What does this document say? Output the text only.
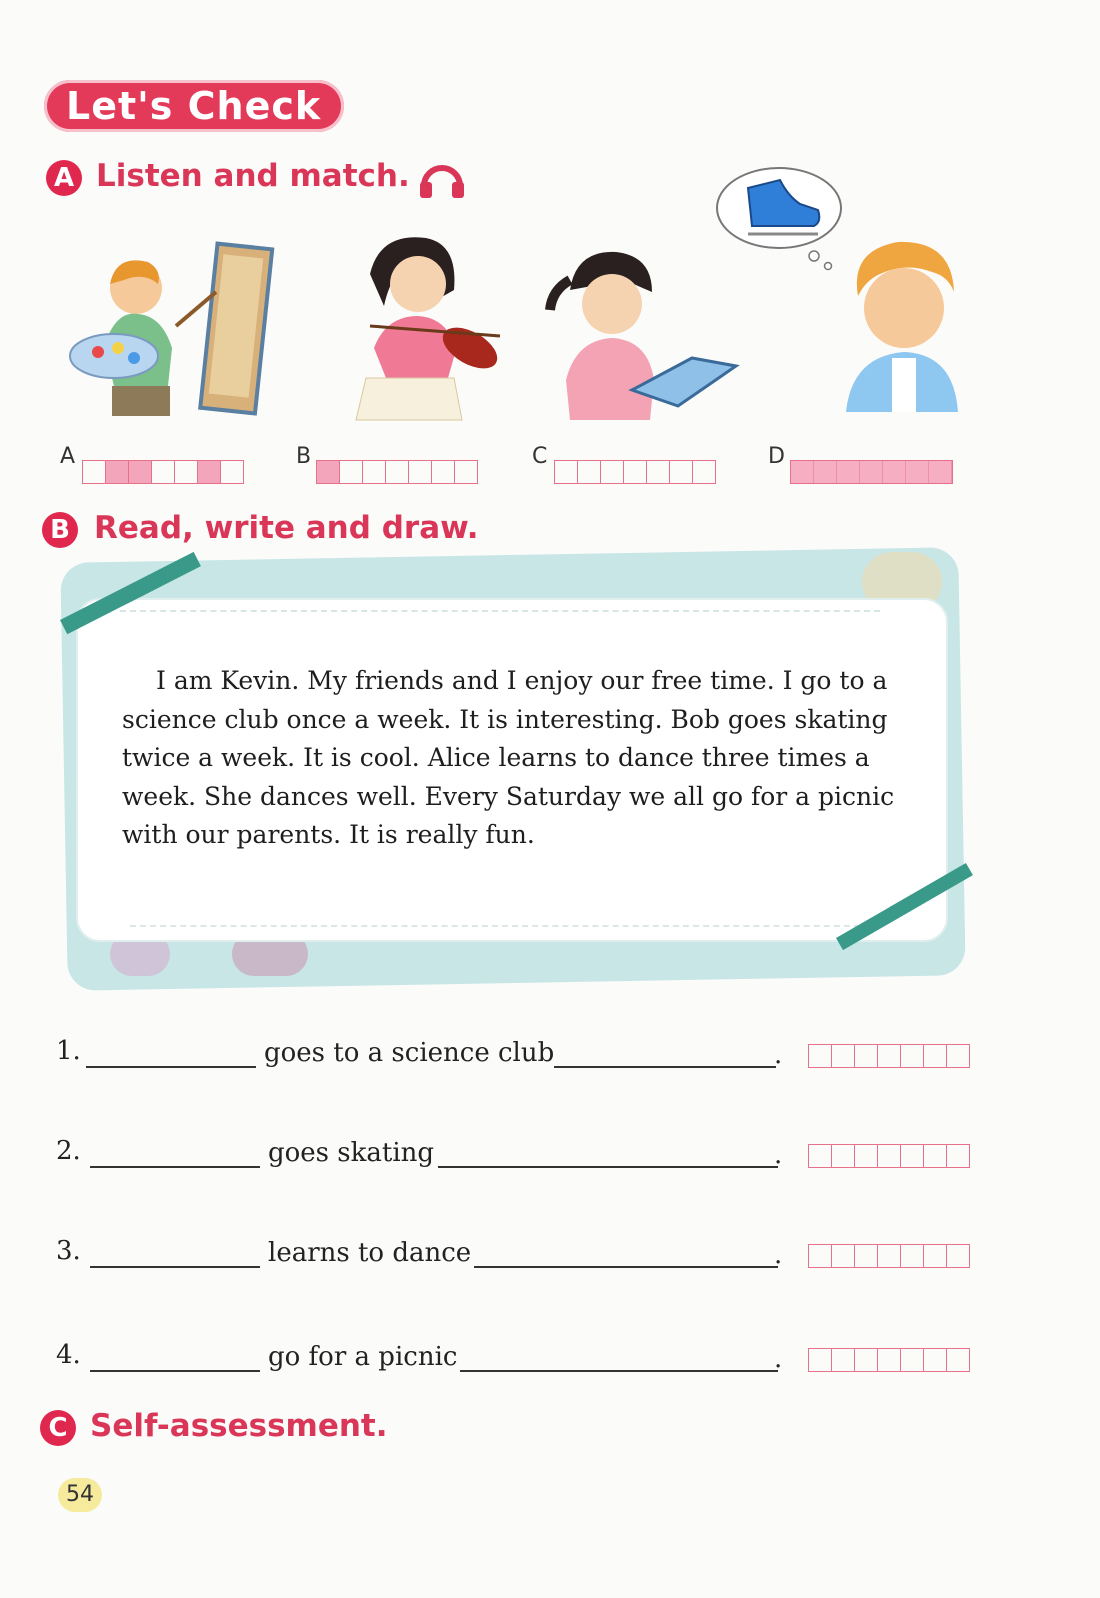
Let's Check
A Listen and match.
A	B	C	D
B Read, write and draw.

I am Kevin. My friends and I enjoy our free time. I go to a science club once a week. It is interesting. Bob goes skating twice a week. It is cool. Alice learns to dance three times a week. She dances well. Every Saturday we all go for a picnic with our parents. It is really fun.

1.	goes to a science club	.
2.	goes skating	.
3.	learns to dance	.
4.	go for a picnic	.
C Self-assessment.
54
